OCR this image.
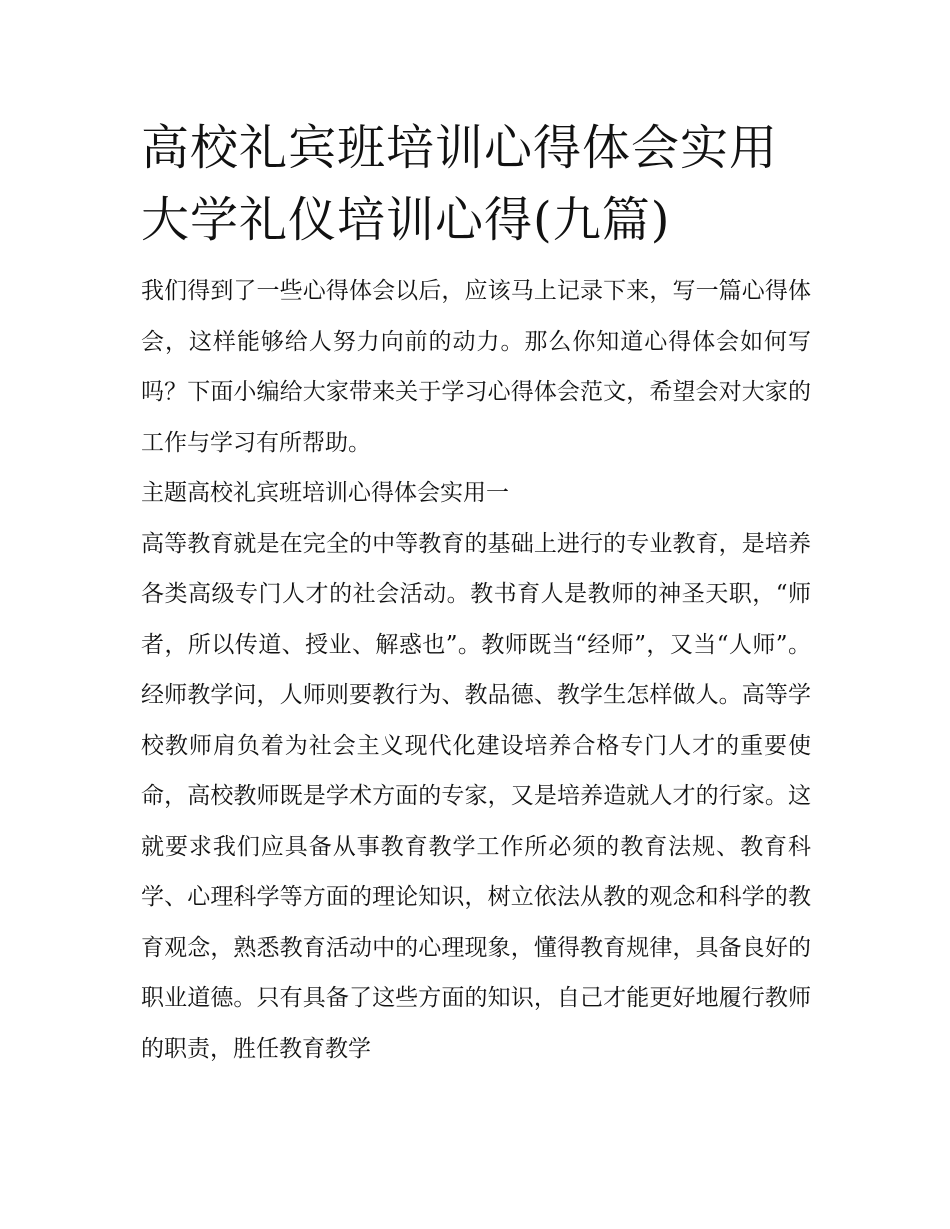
高校礼宾班培训心得体会实用
大学礼仪培训心得(九篇)

我们得到了一些心得体会以后，应该马上记录下来，写一篇心得体会，这样能够给人努力向前的动力。那么你知道心得体会如何写吗？下面小编给大家带来关于学习心得体会范文，希望会对大家的工作与学习有所帮助。

主题高校礼宾班培训心得体会实用一

高等教育就是在完全的中等教育的基础上进行的专业教育，是培养各类高级专门人才的社会活动。教书育人是教师的神圣天职，“师者，所以传道、授业、解惑也”。教师既当“经师”，又当“人师”。经师教学问，人师则要教行为、教品德、教学生怎样做人。高等学校教师肩负着为社会主义现代化建设培养合格专门人才的重要使命，高校教师既是学术方面的专家，又是培养造就人才的行家。这就要求我们应具备从事教育教学工作所必须的教育法规、教育科学、心理科学等方面的理论知识，树立依法从教的观念和科学的教育观念，熟悉教育活动中的心理现象，懂得教育规律，具备良好的职业道德。只有具备了这些方面的知识，自己才能更好地履行教师的职责，胜任教育教学
